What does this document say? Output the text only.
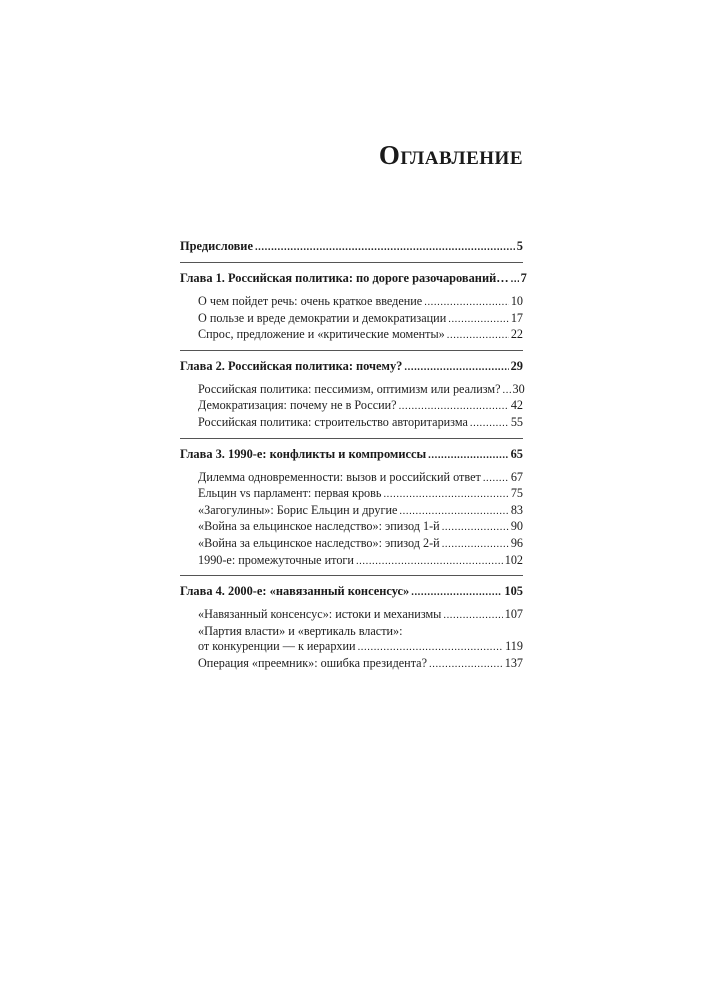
Оглавление
Предисловие .....	5
Глава 1. Российская политика: по дороге разочарований… ..... 7
О чем пойдет речь: очень краткое введение .....	10
О пользе и вреде демократии и демократизации .....	17
Спрос, предложение и «критические моменты» .....	22
Глава 2. Российская политика: почему? .....	29
Российская политика: пессимизм, оптимизм или реализм? ..... 30
Демократизация: почему не в России? .....	42
Российская политика: строительство авторитаризма .....	55
Глава 3. 1990-е: конфликты и компромиссы .....	65
Дилемма одновременности: вызов и российский ответ ..... 67
Ельцин vs парламент: первая кровь .....	75
«Загогулины»: Борис Ельцин и другие .....	83
«Война за ельцинское наследство»: эпизод 1-й .....	90
«Война за ельцинское наследство»: эпизод 2-й .....	96
1990-е: промежуточные итоги .....	102
Глава 4. 2000-е: «навязанный консенсус» .....	105
«Навязанный консенсус»: истоки и механизмы .....	107
«Партия власти» и «вертикаль власти»:
от конкуренции — к иерархии .....	119
Операция «преемник»: ошибка президента? .....	137
